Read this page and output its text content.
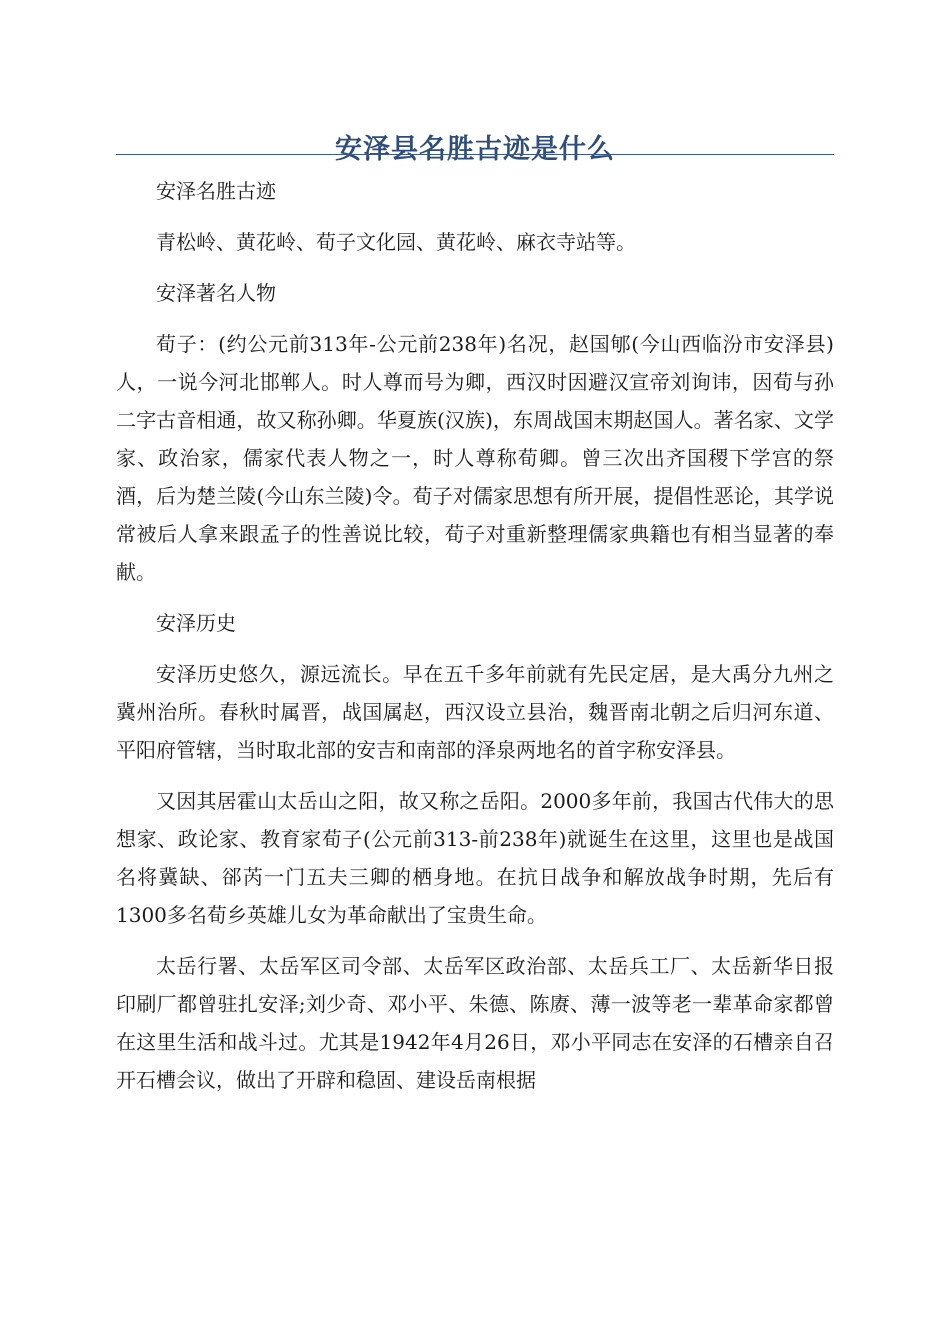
安泽县名胜古迹是什么

安泽名胜古迹

青松岭、黄花岭、荀子文化园、黄花岭、麻衣寺站等。

安泽著名人物

荀子：(约公元前313年-公元前238年)名况，赵国郇(今山西临汾市安泽县)人，一说今河北邯郸人。时人尊而号为卿，西汉时因避汉宣帝刘询讳，因荀与孙二字古音相通，故又称孙卿。华夏族(汉族)，东周战国末期赵国人。著名家、文学家、政治家，儒家代表人物之一，时人尊称荀卿。曾三次出齐国稷下学宫的祭酒，后为楚兰陵(今山东兰陵)令。荀子对儒家思想有所开展，提倡性恶论，其学说常被后人拿来跟孟子的性善说比较，荀子对重新整理儒家典籍也有相当显著的奉献。

安泽历史

安泽历史悠久，源远流长。早在五千多年前就有先民定居，是大禹分九州之冀州治所。春秋时属晋，战国属赵，西汉设立县治，魏晋南北朝之后归河东道、平阳府管辖，当时取北部的安吉和南部的泽泉两地名的首字称安泽县。

又因其居霍山太岳山之阳，故又称之岳阳。2000多年前，我国古代伟大的思想家、政论家、教育家荀子(公元前313-前238年)就诞生在这里，这里也是战国名将冀缺、郤芮一门五夫三卿的栖身地。在抗日战争和解放战争时期，先后有1300多名荀乡英雄儿女为革命献出了宝贵生命。

太岳行署、太岳军区司令部、太岳军区政治部、太岳兵工厂、太岳新华日报印刷厂都曾驻扎安泽;刘少奇、邓小平、朱德、陈赓、薄一波等老一辈革命家都曾在这里生活和战斗过。尤其是1942年4月26日，邓小平同志在安泽的石槽亲自召开石槽会议，做出了开辟和稳固、建设岳南根据
